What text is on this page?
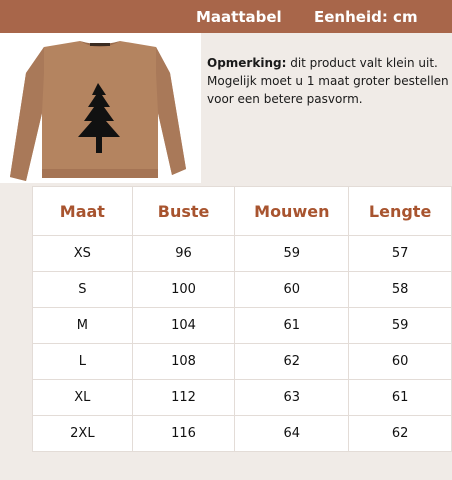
Maattabel Eenheid: cm
Opmerking: dit product valt klein uit. Mogelijk moet u 1 maat groter bestellen voor een betere pasvorm.
Maat	Buste	Mouwen	Lengte
XS	96	59	57
S	100	60	58
M	104	61	59
L	108	62	60
XL	112	63	61
2XL	116	64	62
